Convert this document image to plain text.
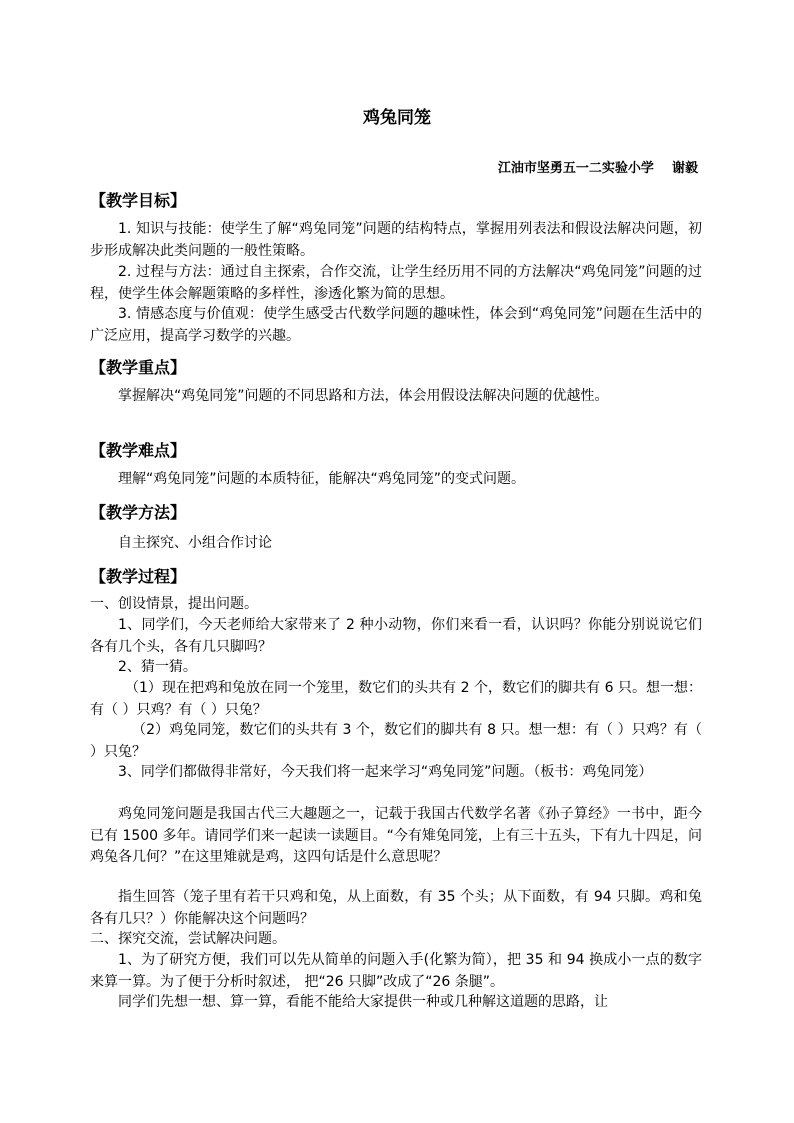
鸡兔同笼
江油市坚勇五一二实验小学    谢毅
【教学目标】
1. 知识与技能：使学生了解“鸡兔同笼”问题的结构特点，掌握用列表法和假设法解决问题，初步形成解决此类问题的一般性策略。
2. 过程与方法：通过自主探索，合作交流，让学生经历用不同的方法解决“鸡兔同笼”问题的过程，使学生体会解题策略的多样性，渗透化繁为简的思想。
3. 情感态度与价值观：使学生感受古代数学问题的趣味性，体会到“鸡兔同笼”问题在生活中的广泛应用，提高学习数学的兴趣。
【教学重点】
掌握解决“鸡兔同笼”问题的不同思路和方法，体会用假设法解决问题的优越性。
【教学难点】
理解“鸡兔同笼”问题的本质特征，能解决“鸡兔同笼”的变式问题。
【教学方法】
自主探究、小组合作讨论
【教学过程】
一、创设情景，提出问题。
1、同学们，今天老师给大家带来了 2 种小动物，你们来看一看，认识吗？你能分别说说它们各有几个头，各有几只脚吗？
2、猜一猜。
（1）现在把鸡和兔放在同一个笼里，数它们的头共有 2 个，数它们的脚共有 6 只。想一想：有（ ）只鸡？有（ ）只兔？
（2）鸡兔同笼，数它们的头共有 3 个，数它们的脚共有 8 只。想一想：有（ ）只鸡？有（ ）只兔？
3、同学们都做得非常好，今天我们将一起来学习“鸡兔同笼”问题。（板书：鸡兔同笼）
鸡兔同笼问题是我国古代三大趣题之一，记载于我国古代数学名著《孙子算经》一书中，距今已有 1500 多年。请同学们来一起读一读题目。“今有雉兔同笼，上有三十五头，下有九十四足，问鸡兔各几何？”在这里雉就是鸡，这四句话是什么意思呢？
指生回答（笼子里有若干只鸡和兔，从上面数，有 35 个头；从下面数，有 94 只脚。鸡和兔各有几只？）你能解决这个问题吗？
二、探究交流，尝试解决问题。
1、为了研究方便，我们可以先从简单的问题入手(化繁为简），把 35 和 94 换成小一点的数字来算一算。为了便于分析时叙述， 把“26 只脚”改成了“26 条腿”。
同学们先想一想、算一算，看能不能给大家提供一种或几种解这道题的思路，让
